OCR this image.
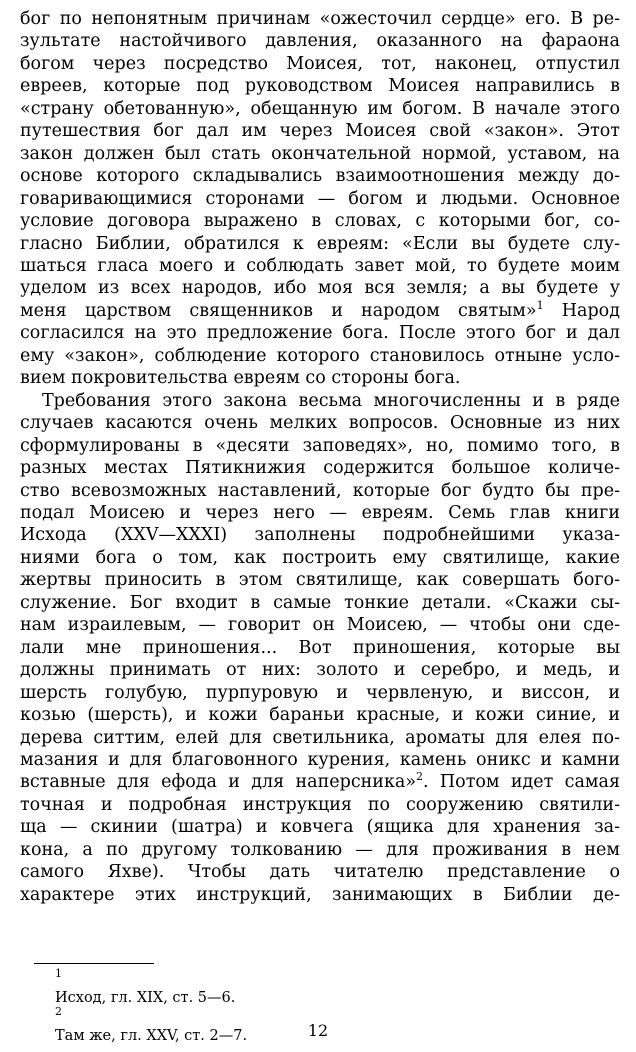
бог по непонятным причинам «ожесточил сердце» его. В ре-
зультате настойчивого давления, оказанного на фараона
богом через посредство Моисея, тот, наконец, отпустил
евреев, которые под руководством Моисея направились в
«страну обетованную», обещанную им богом. В начале этого
путешествия бог дал им через Моисея свой «закон». Этот
закон должен был стать окончательной нормой, уставом, на
основе которого складывались взаимоотношения между до-
говаривающимися сторонами — богом и людьми. Основное
условие договора выражено в словах, с которыми бог, со-
гласно Библии, обратился к евреям: «Если вы будете слу-
шаться гласа моего и соблюдать завет мой, то будете моим
уделом из всех народов, ибо моя вся земля; а вы будете у
меня царством священников и народом святым»$^1$ Народ
согласился на это предложение бога. После этого бог и дал
ему «закон», соблюдение которого становилось отныне усло-
вием покровительства евреям со стороны бога.
Требования этого закона весьма многочисленны и в ряде
случаев касаются очень мелких вопросов. Основные из них
сформулированы в «десяти заповедях», но, помимо того, в
разных местах Пятикнижия содержится большое количе-
ство всевозможных наставлений, которые бог будто бы пре-
подал Моисею и через него — евреям. Семь глав книги
Исхода (XXV—XXXI) заполнены подробнейшими указа-
ниями бога о том, как построить ему святилище, какие
жертвы приносить в этом святилище, как совершать бого-
служение. Бог входит в самые тонкие детали. «Скажи сы-
нам израилевым, — говорит он Моисею, — чтобы они сде-
лали мне приношения... Вот приношения, которые вы
должны принимать от них: золото и серебро, и медь, и
шерсть голубую, пурпуровую и червленую, и виссон, и
козью (шерсть), и кожи бараньи красные, и кожи синие, и
дерева ситтим, елей для светильника, ароматы для елея по-
мазания и для благовонного курения, камень оникс и камни
вставные для ефода и для наперсника»$^2$. Потом идет самая
точная и подробная инструкция по сооружению святили-
ща — скинии (шатра) и ковчега (ящика для хранения за-
кона, а по другому толкованию — для проживания в нем
самого Яхве). Чтобы дать читателю представление о
характере этих инструкций, занимающих в Библии де-
$^1$
Исход, гл. XIX, ст. 5—6.
$^2$
Там же, гл. XXV, ст. 2—7.	12
